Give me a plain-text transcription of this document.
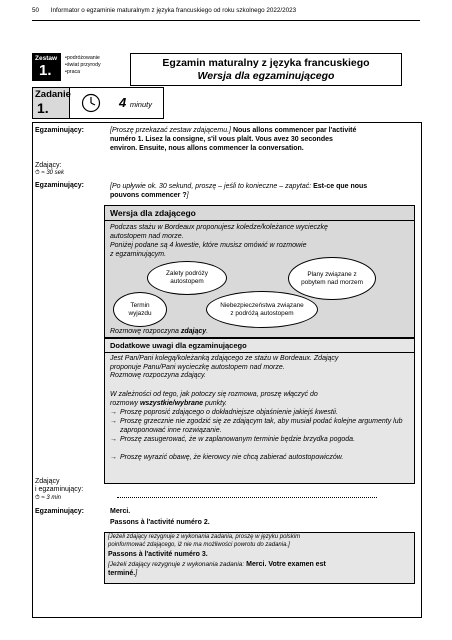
50 Informator o egzaminie maturalnym z języka francuskiego od roku szkolnego 2022/2023
Zestaw
1.
• podróżowanie
• świat przyrody
• praca
Egzamin maturalny z języka francuskiego
Wersja dla egzaminującego
Zadanie
1.	4 minuty
Egzaminujący:	[Proszę przekazać zestaw zdającemu.] Nous allons commencer par l'activité
numéro 1. Lisez la consigne, s'il vous plaît. Vous avez 30 secondes
environ. Ensuite, nous allons commencer la conversation.
Zdający:
⏱ ≈ 30 sek
Egzaminujący:	[Po upływie ok. 30 sekund, proszę – jeśli to konieczne – zapytać: Est-ce que nous
pouvons commencer ?]
Wersja dla zdającego
Podczas stażu w Bordeaux proponujesz koledze/koleżance wycieczkę
autostopem nad morze.
Poniżej podane są 4 kwestie, które musisz omówić w rozmowie
z egzaminującym.
Zalety podróży autostopem
Plany związane z pobytem nad morzem
Termin wyjazdu
Niebezpieczeństwa związane z podróżą autostopem
Rozmowę rozpoczyna zdający.
Dodatkowe uwagi dla egzaminującego
Jest Pan/Pani kolegą/koleżanką zdającego ze stażu w Bordeaux. Zdający
proponuje Panu/Pani wycieczkę autostopem nad morze.
Rozmowę rozpoczyna zdający.
W zależności od tego, jak potoczy się rozmowa, proszę włączyć do
rozmowy wszystkie/wybrane punkty.
→ Proszę poprosić zdającego o dokładniejsze objaśnienie jakiejś kwestii.
→ Proszę grzecznie nie zgodzić się ze zdającym tak, aby musiał podać kolejne argumenty lub zaproponować inne rozwiązanie.
→ Proszę zasugerować, że w zaplanowanym terminie będzie brzydka pogoda.
→ Proszę wyrazić obawę, że kierowcy nie chcą zabierać autostopowiczów.
Zdający
i egzaminujący:
⏱ ≈ 3 min
Egzaminujący:	Merci.
Passons à l'activité numéro 2.
[Jeżeli zdający rezygnuje z wykonania zadania, proszę w języku polskim
poinformować zdającego, iż nie ma możliwości powrotu do zadania.]
Passons à l'activité numéro 3.
[Jeżeli zdający rezygnuje z wykonania zadania: Merci. Votre examen est
terminé.]
